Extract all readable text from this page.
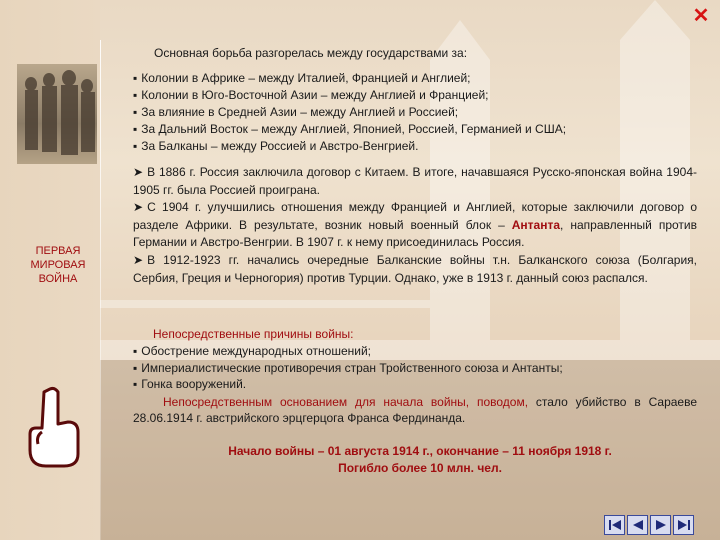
✕
ПЕРВАЯ
МИРОВАЯ
ВОЙНА
Основная борьба разгорелась между государствами за:
▪ Колонии в Африке – между Италией, Францией и Англией;
▪ Колонии в Юго-Восточной Азии – между Англией и Францией;
▪ За влияние в Средней Азии – между Англией и Россией;
▪ За Дальний Восток – между Англией, Японией, Россией, Германией и США;
▪ За Балканы – между Россией и Австро-Венгрией.

➤ В 1886 г. Россия заключила договор с Китаем. В итоге, начавшаяся Русско-японская война 1904-1905 гг. была Россией проиграна.

➤ С 1904 г. улучшились отношения между Францией и Англией, которые заключили договор о разделе Африки. В результате, возник новый военный блок – Антанта, направленный против Германии и Австро-Венгрии. В 1907 г. к нему присоединилась Россия.

➤ В 1912-1923 гг. начались очередные Балканские войны т.н. Балканского союза (Болгария, Сербия, Греция и Черногория) против Турции. Однако, уже в 1913 г. данный союз распался.

Непосредственные причины войны:
▪ Обострение международных отношений;
▪ Империалистические противоречия стран Тройственного союза и Антанты;
▪ Гонка вооружений.
Непосредственным основанием для начала войны, поводом, стало убийство в Сараеве 28.06.1914 г. австрийского эрцгерцога Франса Фердинанда.
Начало войны – 01 августа 1914 г., окончание – 11 ноября 1918 г.
Погибло более 10 млн. чел.
